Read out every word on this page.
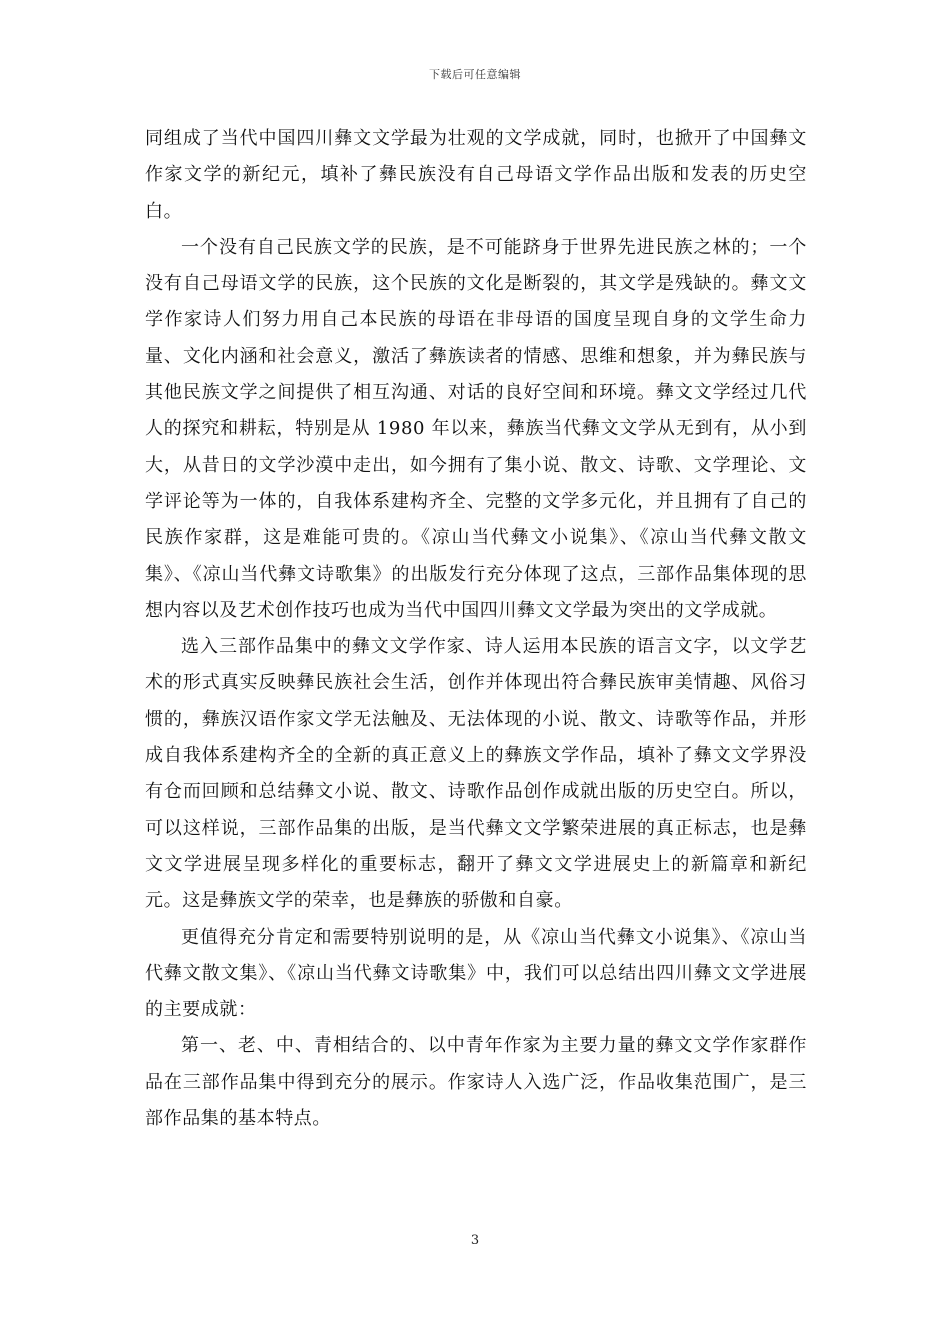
下载后可任意编辑

同组成了当代中国四川彝文文学最为壮观的文学成就，同时，也掀开了中国彝文作家文学的新纪元，填补了彝民族没有自己母语文学作品出版和发表的历史空白。

一个没有自己民族文学的民族，是不可能跻身于世界先进民族之林的；一个没有自己母语文学的民族，这个民族的文化是断裂的，其文学是残缺的。彝文文学作家诗人们努力用自己本民族的母语在非母语的国度呈现自身的文学生命力量、文化内涵和社会意义，激活了彝族读者的情感、思维和想象，并为彝民族与其他民族文学之间提供了相互沟通、对话的良好空间和环境。彝文文学经过几代人的探究和耕耘，特别是从 1980 年以来，彝族当代彝文文学从无到有，从小到大，从昔日的文学沙漠中走出，如今拥有了集小说、散文、诗歌、文学理论、文学评论等为一体的，自我体系建构齐全、完整的文学多元化，并且拥有了自己的民族作家群，这是难能可贵的。《凉山当代彝文小说集》、《凉山当代彝文散文集》、《凉山当代彝文诗歌集》的出版发行充分体现了这点，三部作品集体现的思想内容以及艺术创作技巧也成为当代中国四川彝文文学最为突出的文学成就。

选入三部作品集中的彝文文学作家、诗人运用本民族的语言文字，以文学艺术的形式真实反映彝民族社会生活，创作并体现出符合彝民族审美情趣、风俗习惯的，彝族汉语作家文学无法触及、无法体现的小说、散文、诗歌等作品，并形成自我体系建构齐全的全新的真正意义上的彝族文学作品，填补了彝文文学界没有仓而回顾和总结彝文小说、散文、诗歌作品创作成就出版的历史空白。所以，可以这样说，三部作品集的出版，是当代彝文文学繁荣进展的真正标志，也是彝文文学进展呈现多样化的重要标志，翻开了彝文文学进展史上的新篇章和新纪元。这是彝族文学的荣幸，也是彝族的骄傲和自豪。

更值得充分肯定和需要特别说明的是，从《凉山当代彝文小说集》、《凉山当代彝文散文集》、《凉山当代彝文诗歌集》中，我们可以总结出四川彝文文学进展的主要成就：

第一、老、中、青相结合的、以中青年作家为主要力量的彝文文学作家群作品在三部作品集中得到充分的展示。作家诗人入选广泛，作品收集范围广，是三部作品集的基本特点。

3
